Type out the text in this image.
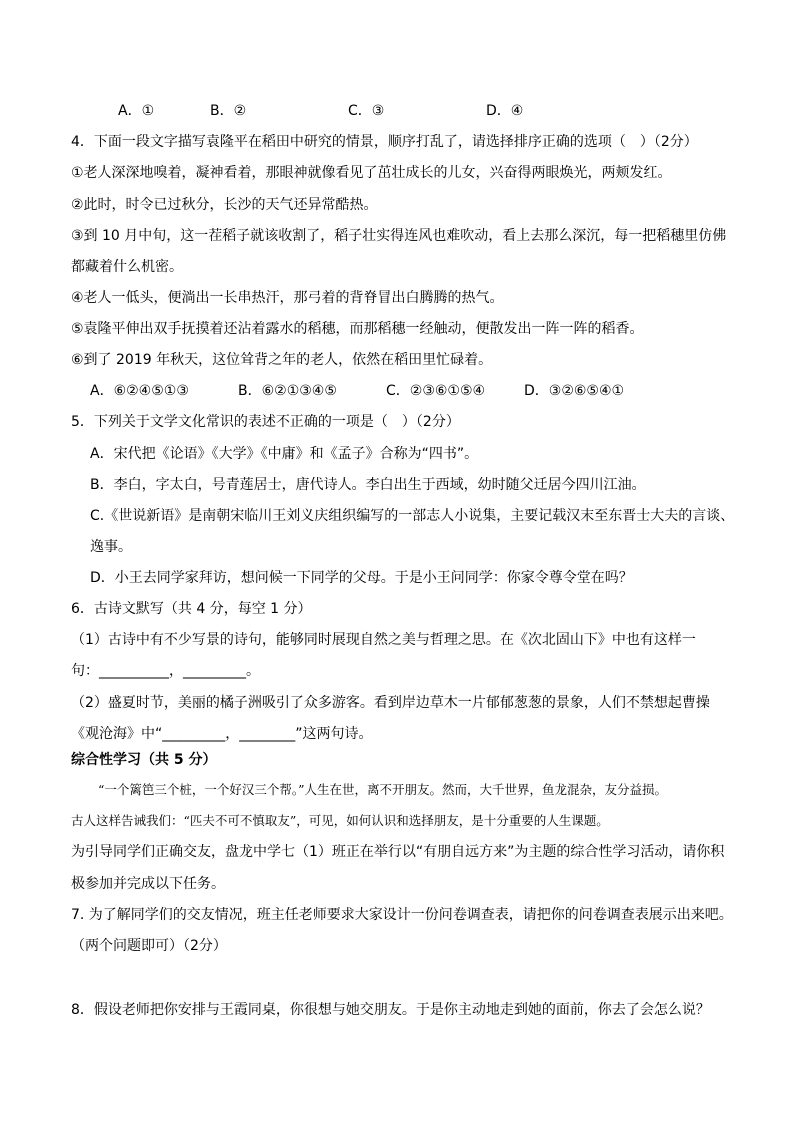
A．①	B．②	C．③	D．④
4．下面一段文字描写袁隆平在稻田中研究的情景，顺序打乱了，请选择排序正确的选项（　）（2分）
①老人深深地嗅着，凝神看着，那眼神就像看见了茁壮成长的儿女，兴奋得两眼焕光，两颊发红。
②此时，时令已过秋分，长沙的天气还异常酷热。
③到 10 月中旬，这一茬稻子就该收割了，稻子壮实得连风也难吹动，看上去那么深沉，每一把稻穗里仿佛
都藏着什么机密。
④老人一低头，便淌出一长串热汗，那弓着的背脊冒出白腾腾的热气。
⑤袁隆平伸出双手抚摸着还沾着露水的稻穗，而那稻穗一经触动，便散发出一阵一阵的稻香。
⑥到了 2019 年秋天，这位耸背之年的老人，依然在稻田里忙碌着。
A．⑥②④⑤①③	B．⑥②①③④⑤	C．②③⑥①⑤④	D．③②⑥⑤④①
5．下列关于文学文化常识的表述不正确的一项是（　）（2分）
A．宋代把《论语》《大学》《中庸》和《孟子》合称为“四书”。
B．李白，字太白，号青莲居士，唐代诗人。李白出生于西域，幼时随父迁居今四川江油。
C.《世说新语》是南朝宋临川王刘义庆组织编写的一部志人小说集，主要记载汉末至东晋士大夫的言谈、
逸事。
D．小王去同学家拜访，想问候一下同学的父母。于是小王问同学：你家令尊令堂在吗？
6．古诗文默写（共 4 分，每空 1 分）
（1）古诗中有不少写景的诗句，能够同时展现自然之美与哲理之思。在《次北固山下》中也有这样一
句：__________，_________。
（2）盛夏时节，美丽的橘子洲吸引了众多游客。看到岸边草木一片郁郁葱葱的景象，人们不禁想起曹操
《观沧海》中“_________，________”这两句诗。
综合性学习（共 5 分）
“一个篱笆三个桩，一个好汉三个帮。”人生在世，离不开朋友。然而，大千世界，鱼龙混杂，友分益损。
古人这样告诫我们：“匹夫不可不慎取友”，可见，如何认识和选择朋友，是十分重要的人生课题。
为引导同学们正确交友，盘龙中学七（1）班正在举行以“有朋自远方来”为主题的综合性学习活动，请你积
极参加并完成以下任务。
7. 为了解同学们的交友情况，班主任老师要求大家设计一份问卷调查表，请把你的问卷调查表展示出来吧。
（两个问题即可）（2分）
8．假设老师把你安排与王霞同桌，你很想与她交朋友。于是你主动地走到她的面前，你去了会怎么说？
